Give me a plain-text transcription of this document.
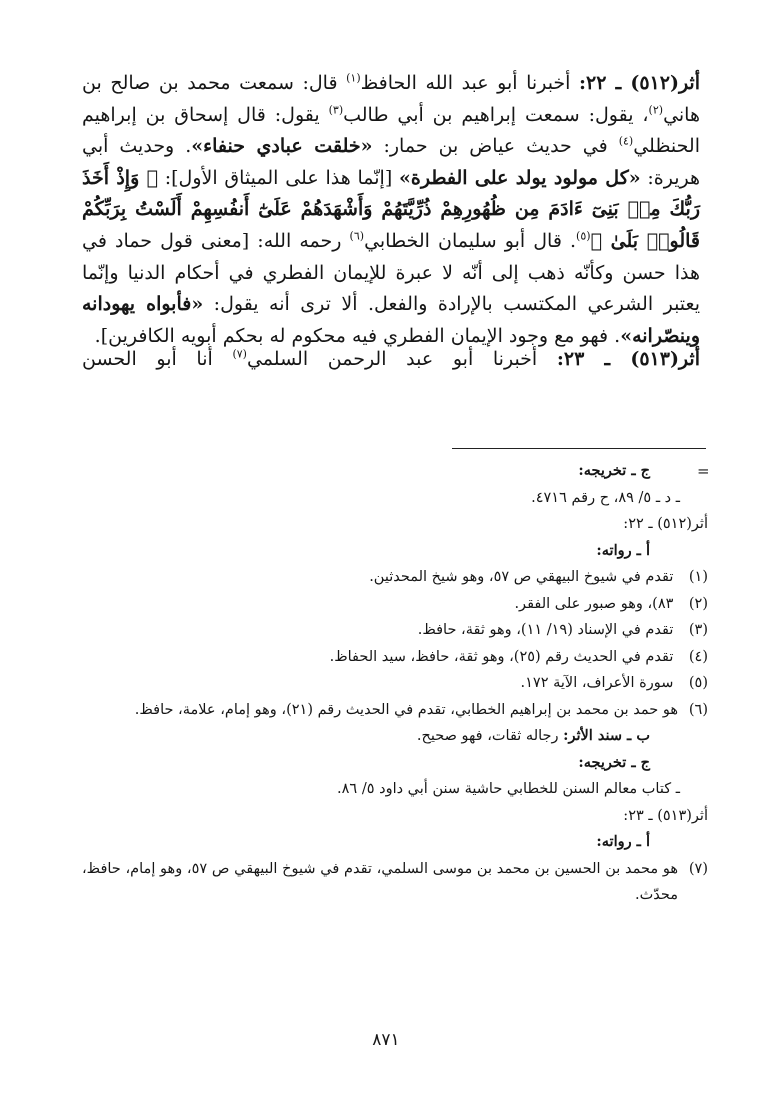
أثر(٥١٢) ـ ٢٢: أخبرنا أبو عبد الله الحافظ$^{(١)}$ قال: سمعت محمد بن صالح بن هاني$^{(٢)}$، يقول: سمعت إبراهيم بن أبي طالب$^{(٣)}$ يقول: قال إسحاق بن إبراهيم الحنظلي$^{(٤)}$ في حديث عياض بن حمار: «خلقت عبادي حنفاء». وحديث أبي هريرة: «كل مولود يولد على الفطرة» [إنّما هذا على الميثاق الأول]: ﴿ وَإِذْ أَخَذَ رَبُّكَ مِنۢ بَنِىٓ ءَادَمَ مِن ظُهُورِهِمْ ذُرِّيَّتَهُمْ وَأَشْهَدَهُمْ عَلَىٰٓ أَنفُسِهِمْ أَلَسْتُ بِرَبِّكُمْ قَالُوا۟ بَلَىٰ ﴾$^{(٥)}$. قال أبو سليمان الخطابي$^{(٦)}$ رحمه الله: [معنى قول حماد في هذا حسن وكأنّه ذهب إلى أنّه لا عبرة للإيمان الفطري في أحكام الدنيا وإنّما يعتبر الشرعي المكتسب بالإرادة والفعل. ألا ترى أنه يقول: «فأبواه يهودانه وينصّرانه». فهو مع وجود الإيمان الفطري فيه محكوم له بحكم أبويه الكافرين].

أثر(٥١٣) ـ ٢٣: أخبرنا أبو عبد الرحمن السلمي$^{(٧)}$ أنا أبو الحسن
=
ج ـ تخريجه:
ـ د ـ ٥/ ٨٩، ح رقم ٤٧١٦.
أثر(٥١٢) ـ ٢٢:
أ ـ رواته:
(١) تقدم في شيوخ البيهقي ص ٥٧، وهو شيخ المحدثين.
(٢) ٨٣)، وهو صبور على الفقر.
(٣) تقدم في الإسناد (١٩/ ١١)، وهو ثقة، حافظ.
(٤) تقدم في الحديث رقم (٢٥)، وهو ثقة، حافظ، سيد الحفاظ.
(٥) سورة الأعراف، الآية ١٧٢.
(٦)
هو حمد بن محمد بن إبراهيم الخطابي، تقدم في الحديث رقم (٢١)، وهو إمام، علامة، حافظ.
ب ـ سند الأثر: رجاله ثقات، فهو صحيح.
ج ـ تخريجه:
ـ كتاب معالم السنن للخطابي حاشية سنن أبي داود ٥/ ٨٦.
أثر(٥١٣) ـ ٢٣:
أ ـ رواته:
(٧)
هو محمد بن الحسين بن محمد بن موسى السلمي، تقدم في شيوخ البيهقي ص ٥٧، وهو إمام، حافظ، محدّث.
٨٧١
